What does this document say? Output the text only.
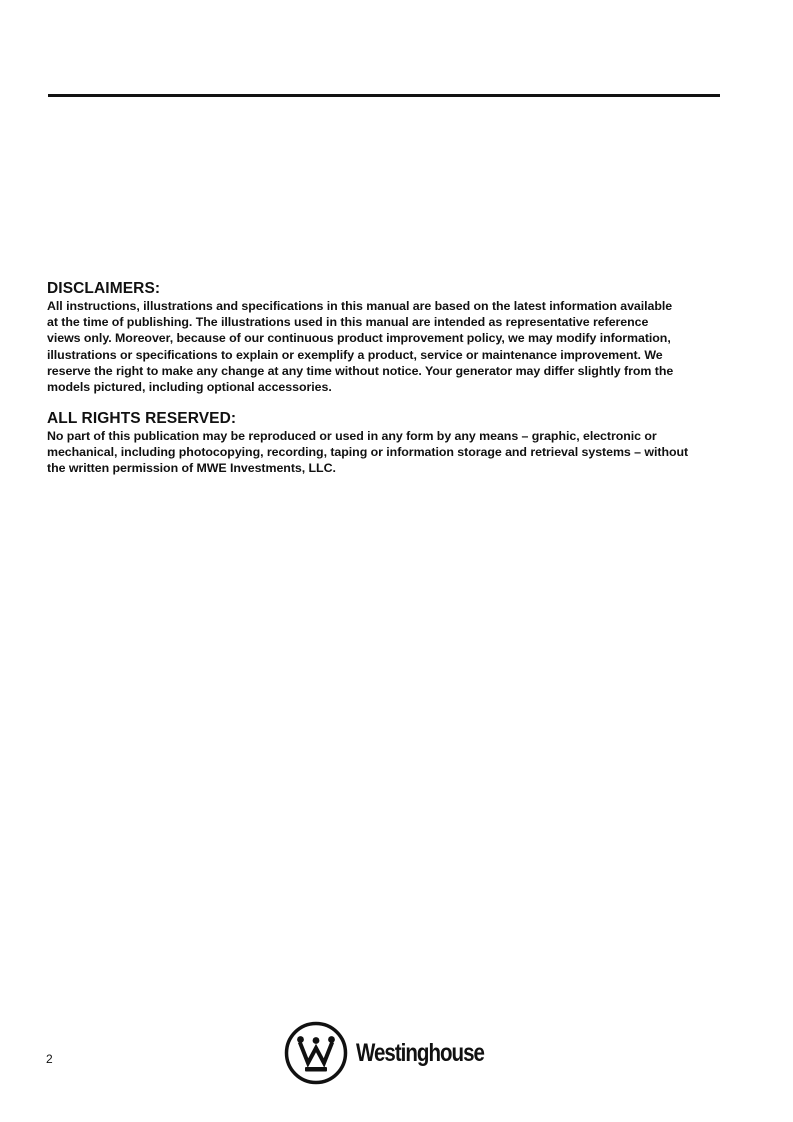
DISCLAIMERS:

All instructions, illustrations and specifications in this manual are based on the latest information available
at the time of publishing. The illustrations used in this manual are intended as representative reference
views only. Moreover, because of our continuous product improvement policy, we may modify information,
illustrations or specifications to explain or exemplify a product, service or maintenance improvement. We
reserve the right to make any change at any time without notice. Your generator may differ slightly from the
models pictured, including optional accessories.

ALL RIGHTS RESERVED:

No part of this publication may be reproduced or used in any form by any means – graphic, electronic or
mechanical, including photocopying, recording, taping or information storage and retrieval systems – without
the written permission of MWE Investments, LLC.

2	Westinghouse
